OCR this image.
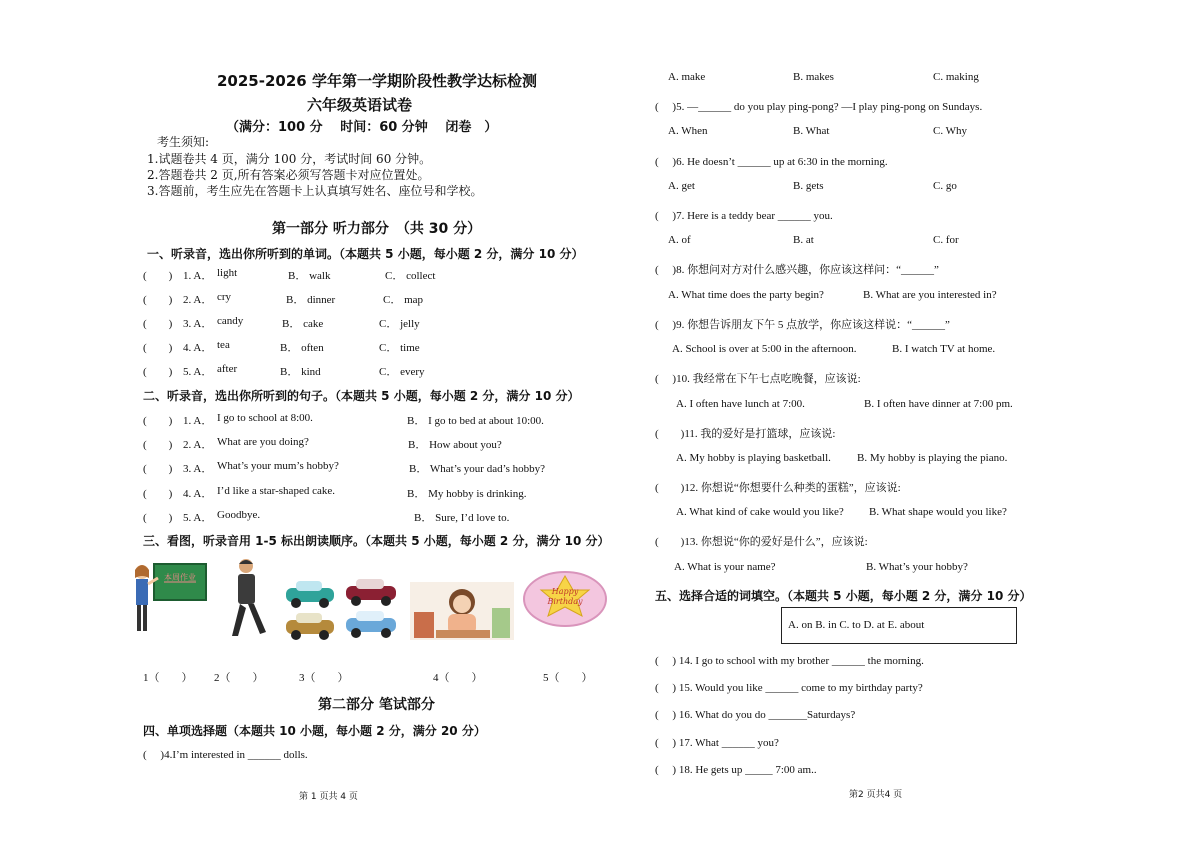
2025-2026 学年第一学期阶段性教学达标检测
六年级英语试卷
（满分：100 分　 时间：60 分钟　 闭卷　）
考生须知:
1.试题卷共 4 页，满分 100 分，考试时间 60 分钟。
2.答题卷共 2 页,所有答案必须写答题卡对应位置处。
3.答题前，考生应先在答题卡上认真填写姓名、座位号和学校。
第一部分 听力部分　（共 30 分）
一、听录音，选出你所听到的单词。（本题共 5 小题，每小题 2 分，满分 10 分）
(　　) 1. A． light	B． walk	C． collect
(　　) 2. A． cry	B． dinner	C． map
(　　) 3. A． candy	B． cake	C． jelly
(　　) 4. A． tea	B． often	C． time
(　　) 5. A． after	B． kind	C． every
二、听录音，选出你所听到的句子。（本题共 5 小题，每小题 2 分，满分 10 分）
(　　) 1. A． I go to school at 8:00.	B． I go to bed at about 10:00.
(　　) 2. A． What are you doing?	B． How about you?
(　　) 3. A． What’s your mum’s hobby?	B． What’s your dad’s hobby?
(　　) 4. A． I’d like a star-shaped cake.	B． My hobby is drinking.
(　　) 5. A． Goodbye.	B． Sure, I’d love to.
三、看图，听录音用 1-5 标出朗读顺序。（本题共 5 小题，每小题 2 分，满分 10 分）
本周作业
Happy
Birthday
1（　　） 2（　　）	3（　　）	4（　　）	5（　　）
第二部分 笔试部分
四、单项选择题（本题共 10 小题，每小题 2 分，满分 20 分）
(　 )4.I’m interested in ______ dolls.
第 1 页共 4 页
A. make	B. makes	C. making
(　 )5. —______ do you play ping-pong? —I play ping-pong on Sundays.
A. When	B. What	C. Why
(　 )6. He doesn’t ______ up at 6:30 in the morning.
A. get	B. gets	C. go
(　 )7. Here is a teddy bear ______ you.
A. of	B. at	C. for
(　 )8. 你想问对方对什么感兴趣，你应该这样问：“______”
A. What time does the party begin?	B. What are you interested in?
(　 )9. 你想告诉朋友下午 5 点放学，你应该这样说：“______”
A. School is over at 5:00 in the afternoon.	B. I watch TV at home.
(　 )10. 我经常在下午七点吃晚餐，应该说:
A. I often have lunch at 7:00.	B. I often have dinner at 7:00 pm.
(　　)11. 我的爱好是打篮球，应该说:
A. My hobby is playing basketball. B. My hobby is playing the piano.
(　　)12. 你想说“你想要什么种类的蛋糕”，应该说:
A. What kind of cake would you like? B. What shape would you like?
(　　)13. 你想说“你的爱好是什么”，应该说:
A. What is your name?	B. What’s your hobby?
五、选择合适的词填空。（本题共 5 小题，每小题 2 分，满分 10 分）
A. on B. in C. to D. at E. about
(　 ) 14. I go to school with my brother ______ the morning.
(　 ) 15. Would you like ______ come to my birthday party?
(　 ) 16. What do you do _______Saturdays?
(　 ) 17. What ______ you?
(　 ) 18. He gets up _____ 7:00 am..
第2 页共4 页
